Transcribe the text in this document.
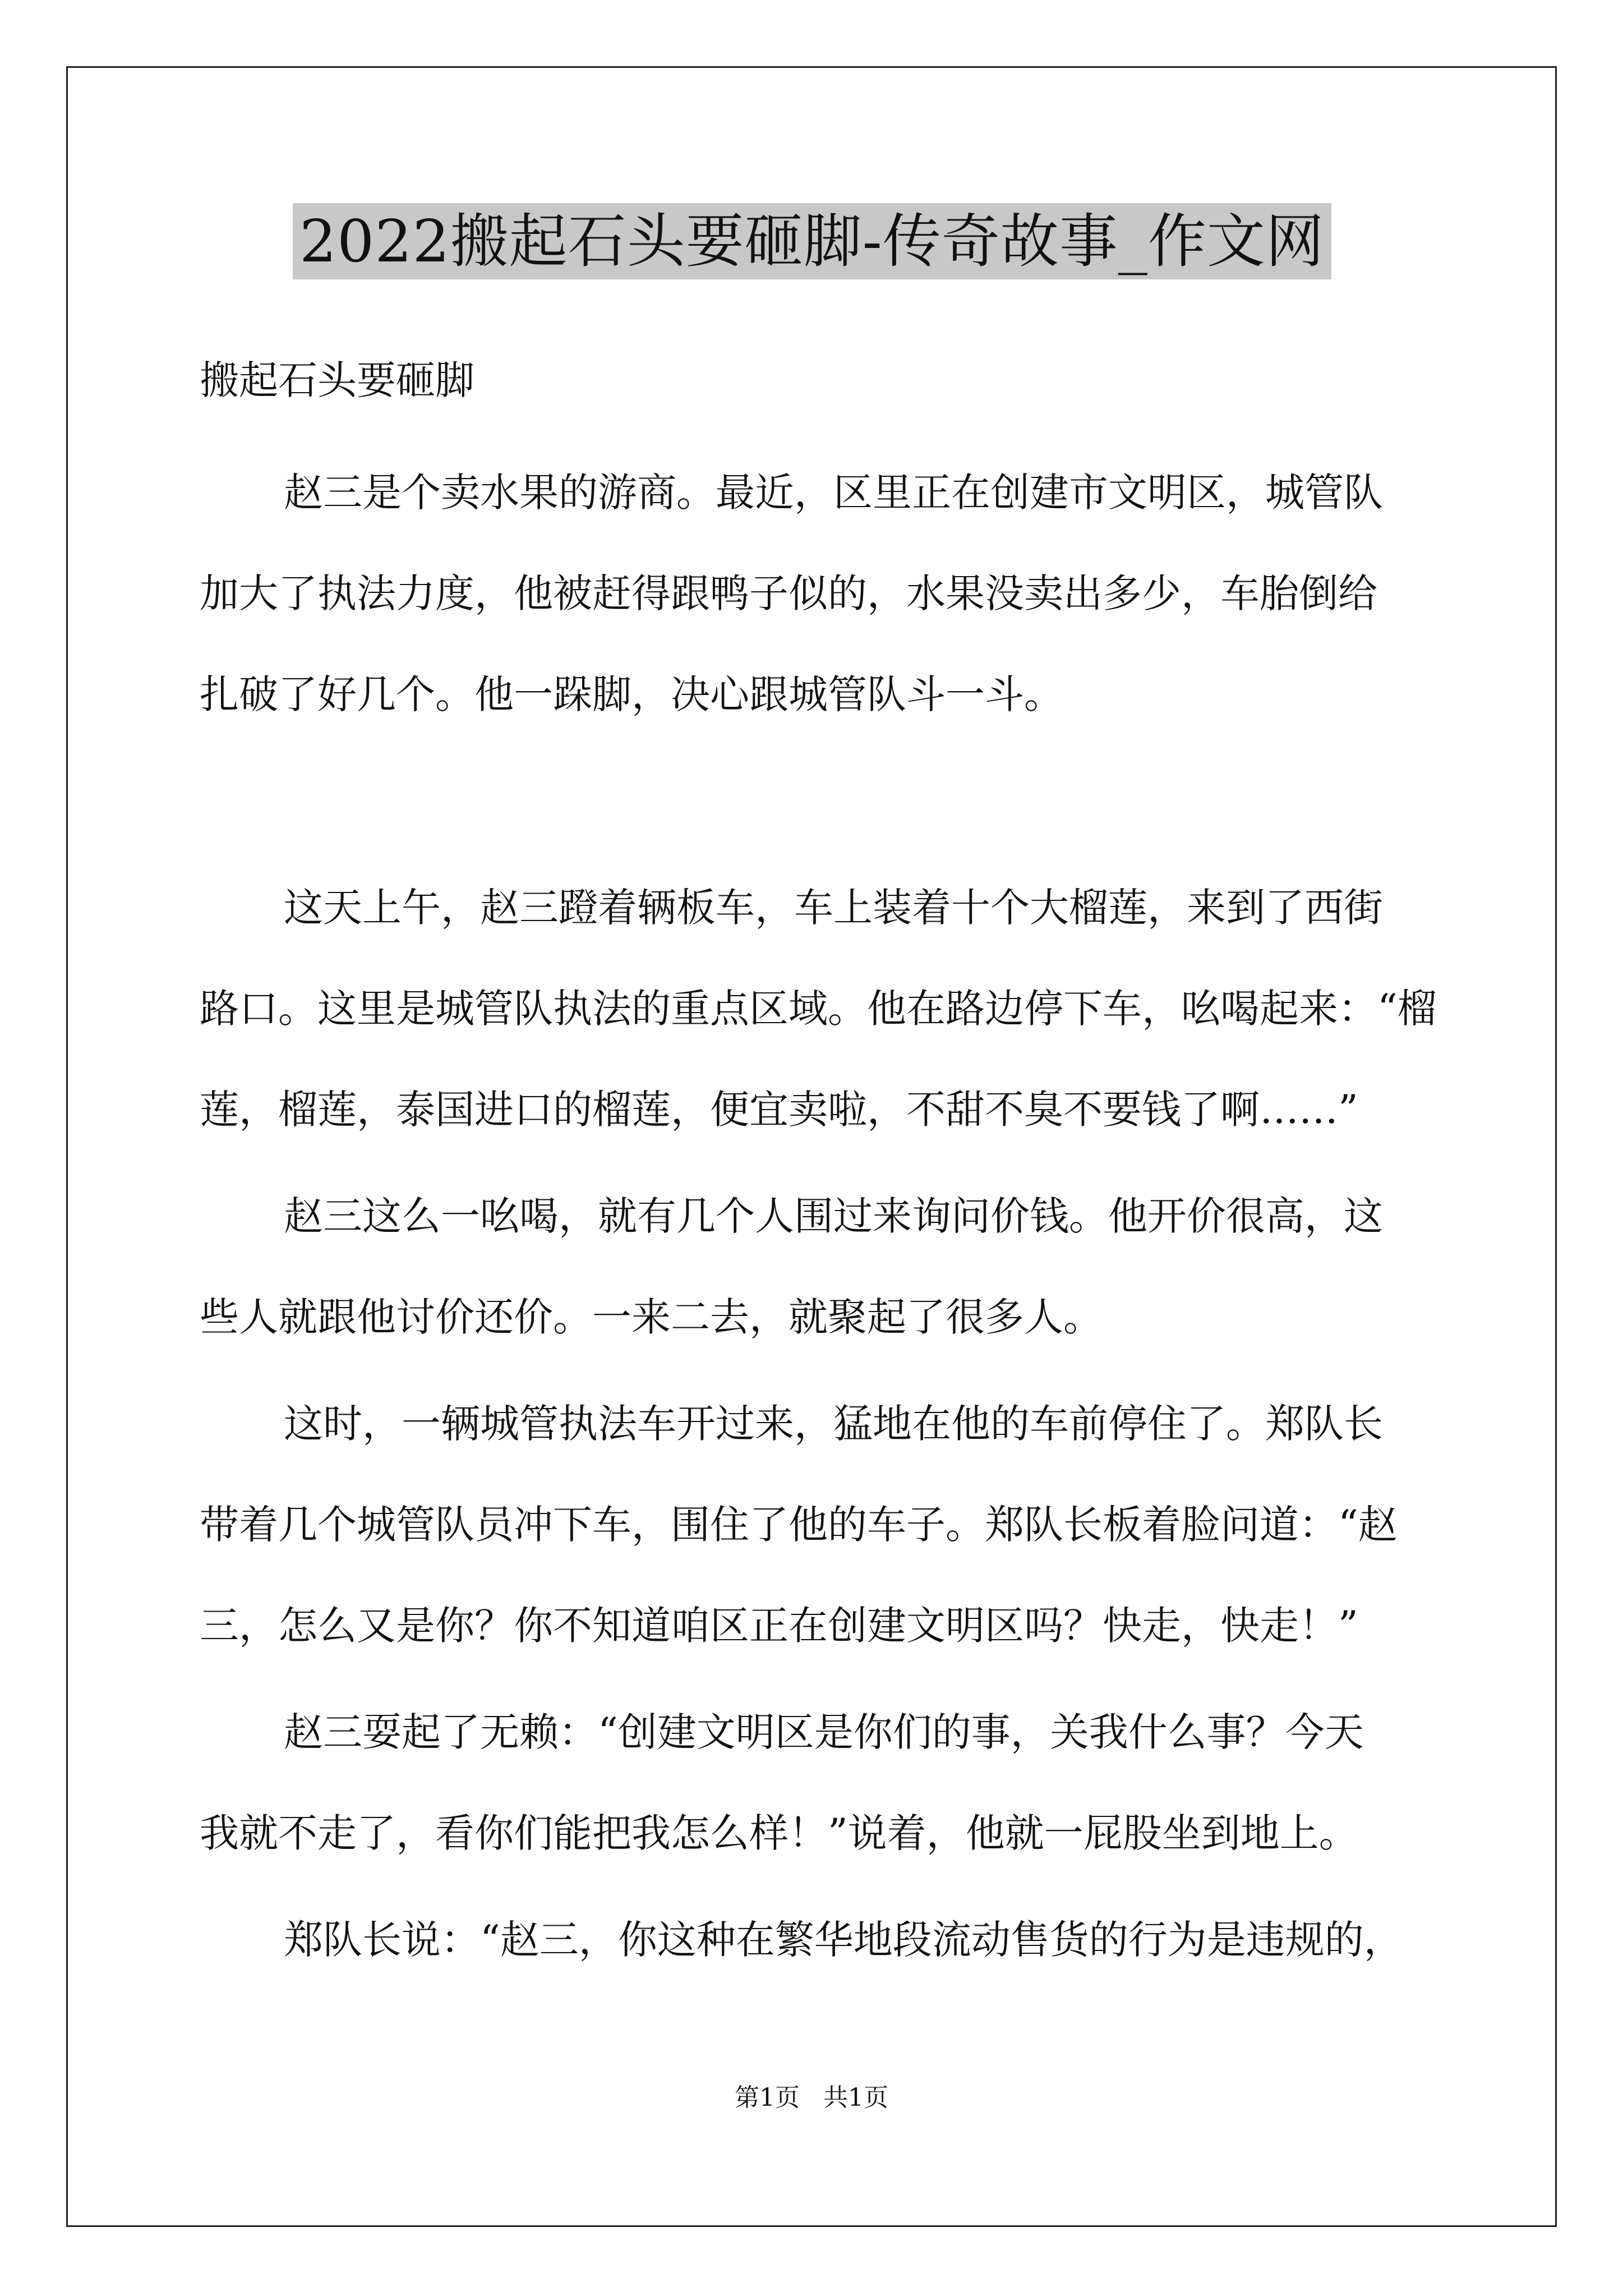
2022搬起石头要砸脚-传奇故事_作文网
搬起石头要砸脚
赵三是个卖水果的游商。最近，区里正在创建市文明区，城管队
加大了执法力度，他被赶得跟鸭子似的，水果没卖出多少，车胎倒给
扎破了好几个。他一跺脚，决心跟城管队斗一斗。
这天上午，赵三蹬着辆板车，车上装着十个大榴莲，来到了西街
路口。这里是城管队执法的重点区域。他在路边停下车，吆喝起来：“榴
莲，榴莲，泰国进口的榴莲，便宜卖啦，不甜不臭不要钱了啊……”
赵三这么一吆喝，就有几个人围过来询问价钱。他开价很高，这
些人就跟他讨价还价。一来二去，就聚起了很多人。
这时，一辆城管执法车开过来，猛地在他的车前停住了。郑队长
带着几个城管队员冲下车，围住了他的车子。郑队长板着脸问道：“赵
三，怎么又是你？你不知道咱区正在创建文明区吗？快走，快走！”
赵三耍起了无赖：“创建文明区是你们的事，关我什么事？今天
我就不走了，看你们能把我怎么样！”说着，他就一屁股坐到地上。
郑队长说：“赵三，你这种在繁华地段流动售货的行为是违规的，
第1页   共1页
